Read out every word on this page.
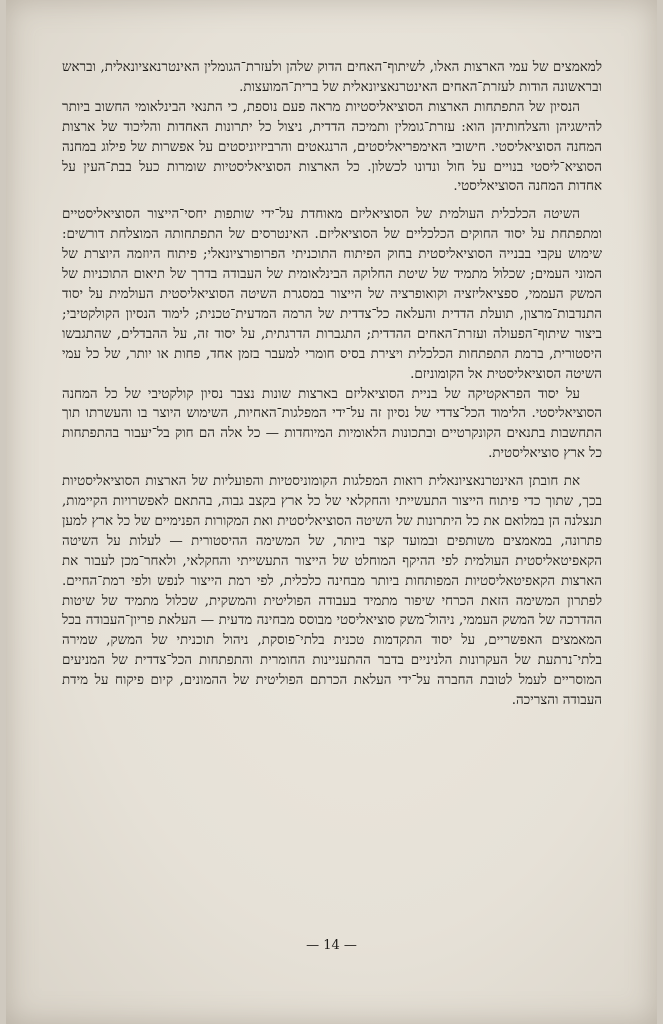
למאמצים של עמי הארצות האלו, לשיתוף־האחים הדוק שלהן ולעזרת־הגומלין האינטרנאציונאלית, ובראש ובראשונה הודות לעזרת־האחים האינטרנאציונאלית של ברית־המועצות.

הנסיון של התפתחות הארצות הסוציאליסטיות מראה פעם נוספת, כי התנאי הבינלאומי החשוב ביותר להישגיהן והצלחותיהן הוא: עזרת־גומלין ותמיכה הדדית, ניצול כל יתרונות האחדות והליכוד של ארצות המחנה הסוציאליסטי. חישובי האימפריאליסטים, הרנגאטים והרביזיוניסטים על אפשרות של פילוג במחנה הסוציא־ליסטי בנויים על חול ונדונו לכשלון. כל הארצות הסוציאליסטיות שומרות כעל בבת־העין על אחדות המחנה הסוציאליסטי.

השיטה הכלכלית העולמית של הסוציאליזם מאוחדת על־ידי שותפות יחסי־הייצור הסוציאליסטיים ומתפתחת על יסוד החוקים הכלכליים של הסוציאליזם. האינטרסים של התפתחותה המוצלחת דורשים: שימוש עקבי בבנייה הסוציאליסטית בחוק הפיתוח התוכניתי הפרופורציונאלי; פיתוח היוזמה היוצרת של המוני העמים; שכלול מתמיד של שיטת החלוקה הבינלאומית של העבודה בדרך של תיאום התוכניות של המשק העממי, ספציאליזציה וקואופרציה של הייצור במסגרת השיטה הסוציאליסטית העולמית על יסוד התנדבות־מרצון, תועלת הדדית והעלאה כל־צדדית של הרמה המדעית־טכנית; לימוד הנסיון הקולקטיבי; ביצור שיתוף־הפעולה ועזרת־האחים ההדדית; התגברות הדרגתית, על יסוד זה, על ההבדלים, שהתגבשו היסטורית, ברמת התפתחות הכלכלית ויצירת בסיס חומרי למעבר בזמן אחד, פחות או יותר, של כל עמי השיטה הסוציאליסטית אל הקומוניזם.

על יסוד הפראקטיקה של בניית הסוציאליזם בארצות שונות נצבר נסיון קולקטיבי של כל המחנה הסוציאליסטי. הלימוד הכל־צדדי של נסיון זה על־ידי המפלגות־האחיות, השימוש היוצר בו והעשרתו תוך התחשבות בתנאים הקונקרטיים ובתכונות הלאומיות המיוחדות — כל אלה הם חוק בל־יעבור בהתפתחות כל ארץ סוציאליסטית.

את חובתן האינטרנאציונאלית רואות המפלגות הקומוניסטיות והפועליות של הארצות הסוציאליסטיות בכך, שתוך כדי פיתוח הייצור התעשייתי והחקלאי של כל ארץ בקצב גבוה, בהתאם לאפשרויות הקיימות, תנצלנה הן במלואם את כל היתרונות של השיטה הסוציאליסטית ואת המקורות הפנימיים של כל ארץ למען פתרונה, במאמצים משותפים ובמועד קצר ביותר, של המשימה ההיסטורית — לעלות על השיטה הקאפיטאליסטית העולמית לפי ההיקף המוחלט של הייצור התעשייתי והחקלאי, ולאחר־מכן לעבור את הארצות הקאפיטאליסטיות המפותחות ביותר מבחינה כלכלית, לפי רמת הייצור לנפש ולפי רמת־החיים. לפתרון המשימה הזאת הכרחי שיפור מתמיד בעבודה הפוליטית והמשקית, שכלול מתמיד של שיטות ההדרכה של המשק העממי, ניהול־משק סוציאליסטי מבוסס מבחינה מדעית — העלאת פריון־העבודה בכל המאמצים האפשריים, על יסוד התקדמות טכנית בלתי־פוסקת, ניהול תוכניתי של המשק, שמירה בלתי־נרתעת של העקרונות הלניניים בדבר ההתעניינות החומרית והתפתחות הכל־צדדית של המניעים המוסריים לעמל לטובת החברה על־ידי העלאת הכרתם הפוליטית של ההמונים, קיום פיקוח על מידת העבודה והצריכה.

— 14 —
